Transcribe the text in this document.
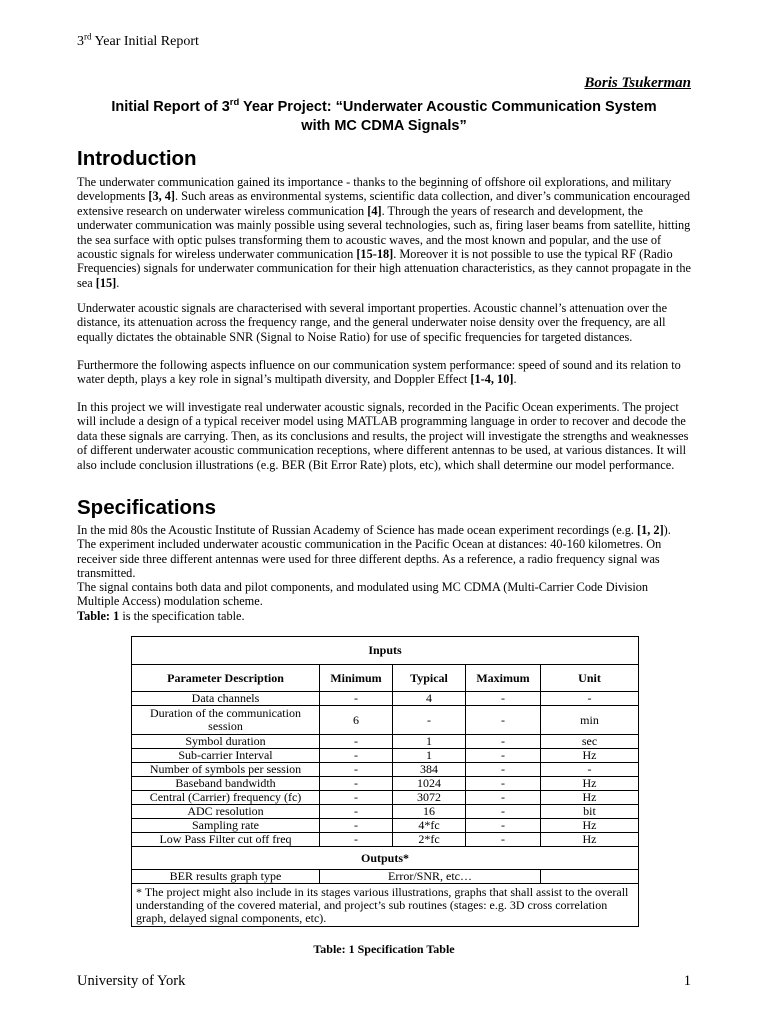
3rd Year Initial Report
Boris Tsukerman
Initial Report of 3rd Year Project: “Underwater Acoustic Communication System
with MC CDMA Signals”
Introduction

The underwater communication gained its importance - thanks to the beginning of offshore oil explorations, and military developments [3, 4]. Such areas as environmental systems, scientific data collection, and diver’s communication encouraged extensive research on underwater wireless communication [4]. Through the years of research and development, the underwater communication was mainly possible using several technologies, such as, firing laser beams from satellite, hitting the sea surface with optic pulses transforming them to acoustic waves, and the most known and popular, and the use of acoustic signals for wireless underwater communication [15-18]. Moreover it is not possible to use the typical RF (Radio Frequencies) signals for underwater communication for their high attenuation characteristics, as they cannot propagate in the sea [15].

Underwater acoustic signals are characterised with several important properties. Acoustic channel’s attenuation over the distance, its attenuation across the frequency range, and the general underwater noise density over the frequency, are all equally dictates the obtainable SNR (Signal to Noise Ratio) for use of specific frequencies for targeted distances.

Furthermore the following aspects influence on our communication system performance: speed of sound and its relation to water depth, plays a key role in signal’s multipath diversity, and Doppler Effect [1-4, 10].

In this project we will investigate real underwater acoustic signals, recorded in the Pacific Ocean experiments. The project will include a design of a typical receiver model using MATLAB programming language in order to recover and decode the data these signals are carrying. Then, as its conclusions and results, the project will investigate the strengths and weaknesses of different underwater acoustic communication receptions, where different antennas to be used, at various distances. It will also include conclusion illustrations (e.g. BER (Bit Error Rate) plots, etc), which shall determine our model performance.

Specifications

In the mid 80s the Acoustic Institute of Russian Academy of Science has made ocean experiment recordings (e.g. [1, 2]). The experiment included underwater acoustic communication in the Pacific Ocean at distances: 40-160 kilometres. On receiver side three different antennas were used for three different depths. As a reference, a radio frequency signal was transmitted.

The signal contains both data and pilot components, and modulated using MC CDMA (Multi-Carrier Code Division Multiple Access) modulation scheme.

Table: 1 is the specification table.

Inputs				
Parameter Description	Minimum	Typical	Maximum	Unit
Data channels	-	4	-	-
Duration of the communication session	6	-	-	min
Symbol duration	-	1	-	sec
Sub-carrier Interval	-	1	-	Hz
Number of symbols per session	-	384	-	-
Baseband bandwidth	-	1024	-	Hz
Central (Carrier) frequency (fc)	-	3072	-	Hz
ADC resolution	-	16	-	bit
Sampling rate	-	4*fc	-	Hz
Low Pass Filter cut off freq	-	2*fc	-	Hz
Outputs*				
BER results graph type	Error/SNR, etc…			
* The project might also include in its stages various illustrations, graphs that shall assist to the overall understanding of the covered material, and project’s sub routines (stages: e.g. 3D cross correlation graph, delayed signal components, etc).				
Table: 1 Specification Table
University of York	1
